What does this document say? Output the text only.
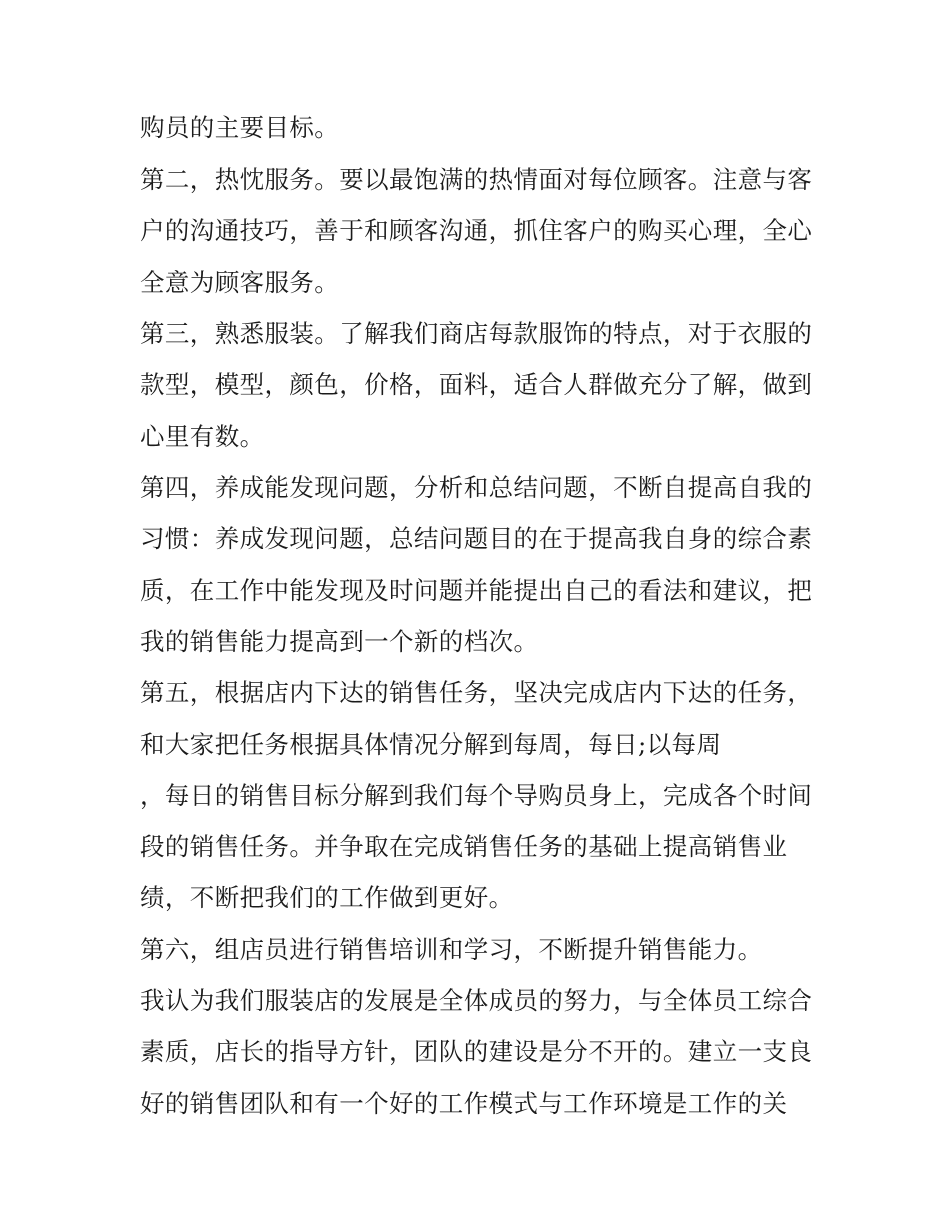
购员的主要目标。

第二，热忱服务。要以最饱满的热情面对每位顾客。注意与客

户的沟通技巧，善于和顾客沟通，抓住客户的购买心理，全心

全意为顾客服务。

第三，熟悉服装。了解我们商店每款服饰的特点，对于衣服的

款型，模型，颜色，价格，面料，适合人群做充分了解，做到

心里有数。

第四，养成能发现问题，分析和总结问题，不断自提高自我的

习惯：养成发现问题，总结问题目的在于提高我自身的综合素

质，在工作中能发现及时问题并能提出自己的看法和建议，把

我的销售能力提高到一个新的档次。

第五，根据店内下达的销售任务，坚决完成店内下达的任务，

和大家把任务根据具体情况分解到每周，每日;以每周

，每日的销售目标分解到我们每个导购员身上，完成各个时间

段的销售任务。并争取在完成销售任务的基础上提高销售业

绩，不断把我们的工作做到更好。

第六，组店员进行销售培训和学习，不断提升销售能力。

我认为我们服装店的发展是全体成员的努力，与全体员工综合

素质，店长的指导方针，团队的建设是分不开的。建立一支良

好的销售团队和有一个好的工作模式与工作环境是工作的关
